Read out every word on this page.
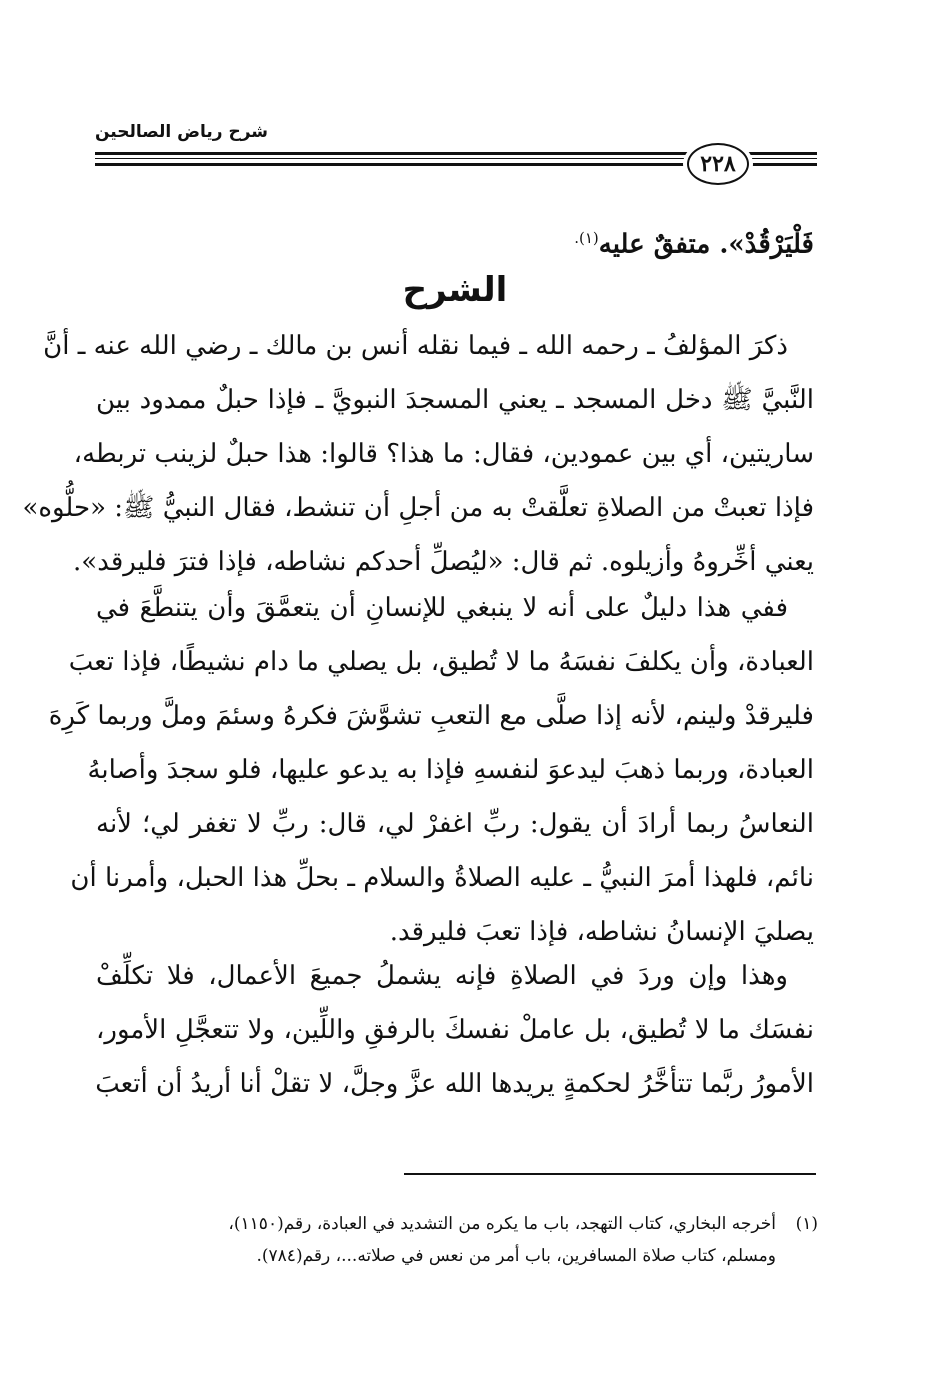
شرح رياض الصالحين
٢٢٨
فَلْيَرْقُدْ». متفقٌ عليه$^{(١).}$
الشرح
ذكرَ المؤلفُ ـ رحمه الله ـ فيما نقله أنس بن مالك ـ رضي الله عنه ـ أنَّ
النَّبيَّ ﷺ دخل المسجد ـ يعني المسجدَ النبويَّ ـ فإذا حبلٌ ممدود بين
ساريتين، أي بين عمودين، فقال: ما هذا؟ قالوا: هذا حبلٌ لزينب تربطه،
فإذا تعبتْ من الصلاةِ تعلَّقتْ به من أجلِ أن تنشط، فقال النبيُّ ﷺ: «حلُّوه»
يعني أخِّروهُ وأزيلوه. ثم قال: «ليُصلِّ أحدكم نشاطه، فإذا فترَ فليرقد».
ففي هذا دليلٌ على أنه لا ينبغي للإنسانِ أن يتعمَّقَ وأن يتنطَّعَ في
العبادة، وأن يكلفَ نفسَهُ ما لا تُطيق، بل يصلي ما دام نشيطًا، فإذا تعبَ
فليرقدْ ولينم، لأنه إذا صلَّى مع التعبِ تشوَّشَ فكرهُ وسئمَ وملَّ وربما كَرِهَ
العبادة، وربما ذهبَ ليدعوَ لنفسهِ فإذا به يدعو عليها، فلو سجدَ وأصابهُ
النعاسُ ربما أرادَ أن يقول: ربِّ اغفرْ لي، قال: ربِّ لا تغفر لي؛ لأنه
نائم، فلهذا أمرَ النبيُّ ـ عليه الصلاةُ والسلام ـ بحلِّ هذا الحبل، وأمرنا أن
يصليَ الإنسانُ نشاطه، فإذا تعبَ فليرقد.
وهذا وإن وردَ في الصلاةِ فإنه يشملُ جميعَ الأعمال، فلا تكلِّفْ
نفسَك ما لا تُطيق، بل عاملْ نفسكَ بالرفقِ واللِّين، ولا تتعجَّلِ الأمور،
الأمورُ ربَّما تتأخَّرُ لحكمةٍ يريدها الله عزَّ وجلَّ، لا تقلْ أنا أريدُ أن أتعبَ
(١)أخرجه البخاري، كتاب التهجد، باب ما يكره من التشديد في العبادة، رقم(١١٥٠)،
ومسلم، كتاب صلاة المسافرين، باب أمر من نعس في صلاته...، رقم(٧٨٤).
